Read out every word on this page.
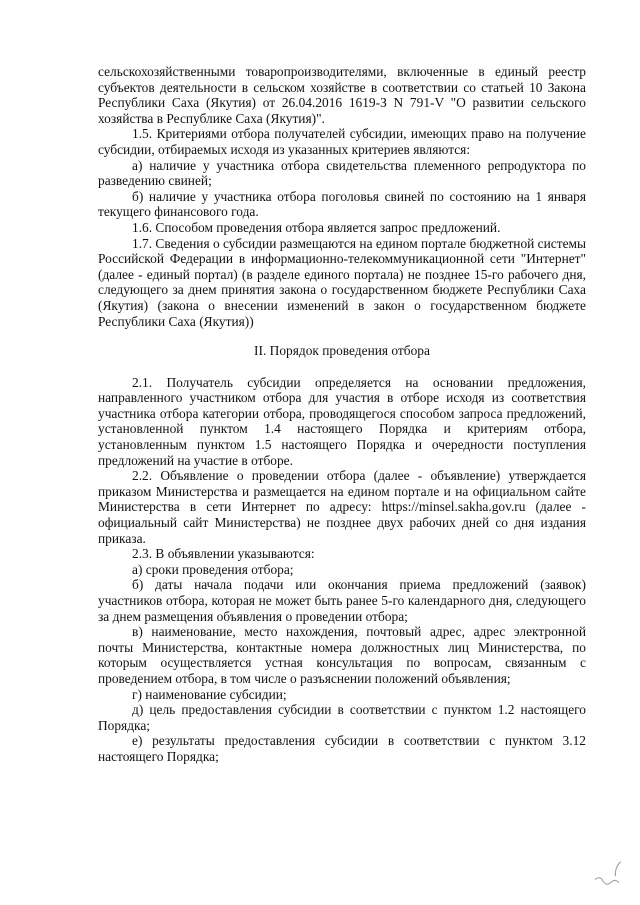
сельскохозяйственными товаропроизводителями, включенные в единый реестр субъектов деятельности в сельском хозяйстве в соответствии со статьей 10 Закона Республики Саха (Якутия) от 26.04.2016 1619-З N 791-V "О развитии сельского хозяйства в Республике Саха (Якутия)".

1.5. Критериями отбора получателей субсидии, имеющих право на получение субсидии, отбираемых исходя из указанных критериев являются:

а) наличие у участника отбора свидетельства племенного репродуктора по разведению свиней;

б) наличие у участника отбора поголовья свиней по состоянию на 1 января текущего финансового года.

1.6. Способом проведения отбора является запрос предложений.

1.7. Сведения о субсидии размещаются на едином портале бюджетной системы Российской Федерации в информационно-телекоммуникационной сети "Интернет" (далее - единый портал) (в разделе единого портала) не позднее 15-го рабочего дня, следующего за днем принятия закона о государственном бюджете Республики Саха (Якутия) (закона о внесении изменений в закон о государственном бюджете Республики Саха (Якутия))

II. Порядок проведения отбора

2.1. Получатель субсидии определяется на основании предложения, направленного участником отбора для участия в отборе исходя из соответствия участника отбора категории отбора, проводящегося способом запроса предложений, установленной пунктом 1.4 настоящего Порядка и критериям отбора, установленным пунктом 1.5 настоящего Порядка и очередности поступления предложений на участие в отборе.

2.2. Объявление о проведении отбора (далее - объявление) утверждается приказом Министерства и размещается на едином портале и на официальном сайте Министерства в сети Интернет по адресу: https://minsel.sakha.gov.ru (далее - официальный сайт Министерства) не позднее двух рабочих дней со дня издания приказа.

2.3. В объявлении указываются:

а) сроки проведения отбора;

б) даты начала подачи или окончания приема предложений (заявок) участников отбора, которая не может быть ранее 5-го календарного дня, следующего за днем размещения объявления о проведении отбора;

в) наименование, место нахождения, почтовый адрес, адрес электронной почты Министерства, контактные номера должностных лиц Министерства, по которым осуществляется устная консультация по вопросам, связанным с проведением отбора, в том числе о разъяснении положений объявления;

г) наименование субсидии;

д) цель предоставления субсидии в соответствии с пунктом 1.2 настоящего Порядка;

е) результаты предоставления субсидии в соответствии с пунктом 3.12 настоящего Порядка;
